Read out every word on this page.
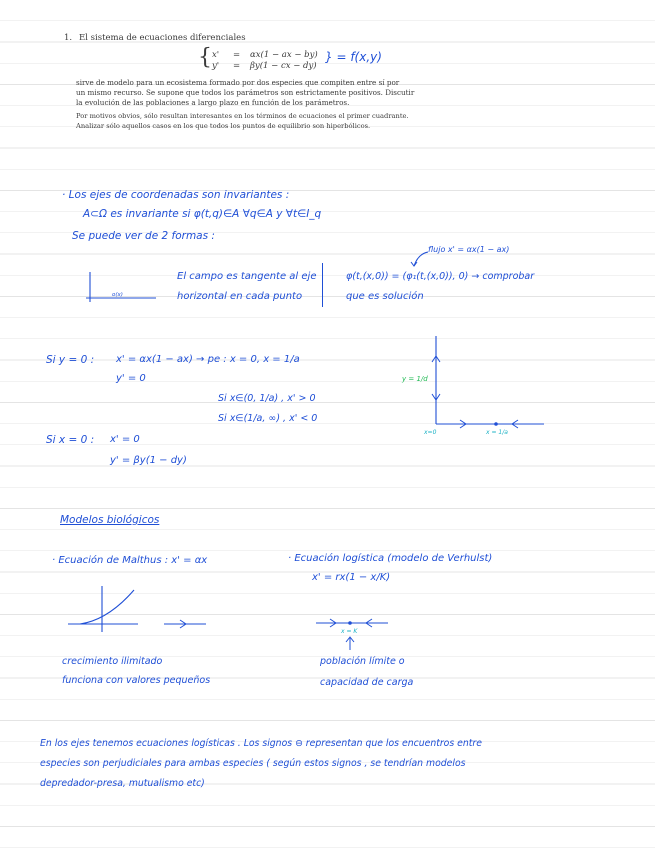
1. El sistema de ecuaciones diferenciales
{ x' = αx(1 − ax − by)
y' = βy(1 − cx − dy)
} = f(x,y)
sirve de modelo para un ecosistema formado por dos especies que compiten entre sí por
un mismo recurso. Se supone que todos los parámetros son estrictamente positivos. Discutir
la evolución de las poblaciones a largo plazo en función de los parámetros.
Por motivos obvios, sólo resultan interesantes en los términos de ecuaciones el primer cuadrante.
Analizar sólo aquellos casos en los que todos los puntos de equilibrio son hiperbólicos.
· Los ejes de coordenadas son invariantes :
A⊂Ω es invariante si φ(t,q)∈A ∀q∈A y ∀t∈I_q
Se puede ver de 2 formas :
flujo x' = αx(1 − ax)
o(x)
El campo es tangente al eje
horizontal en cada punto
φ(t,(x,0)) = (φ₁(t,(x,0)), 0) → comprobar
que es solución
Si y = 0 : x' = αx(1 − ax) → pe : x = 0, x = 1/a
y' = 0
Si x∈(0, 1/a) , x' > 0
Si x∈(1/a, ∞) , x' < 0
Si x = 0 : x' = 0
y' = βy(1 − dy)
y = 1/d
x=0	x = 1/a
Modelos biológicos
· Ecuación de Malthus : x' = αx	· Ecuación logística (modelo de Verhulst)
x' = rx(1 − x/K)
x = K
crecimiento ilimitado
funciona con valores pequeños
población límite o
capacidad de carga
En los ejes tenemos ecuaciones logísticas . Los signos ⊖ representan que los encuentros entre
especies son perjudiciales para ambas especies ( según estos signos , se tendrían modelos
depredador-presa, mutualismo etc)
